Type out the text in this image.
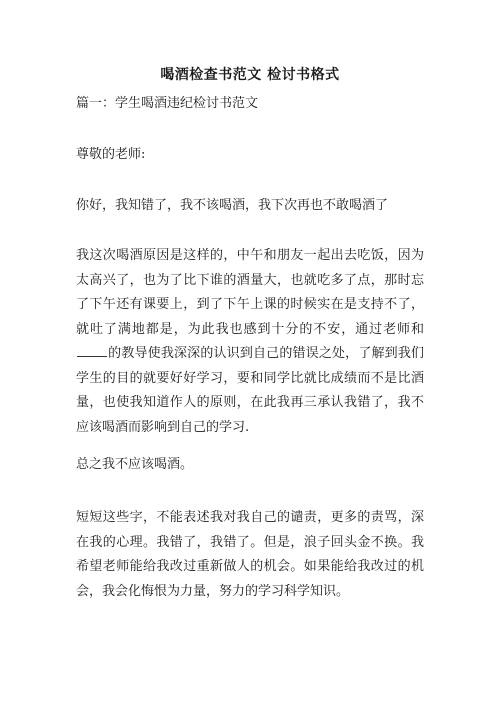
喝酒检查书范文 检讨书格式

篇一：学生喝酒违纪检讨书范文

尊敬的老师:

你好，我知错了，我不该喝酒，我下次再也不敢喝酒了

我这次喝酒原因是这样的，中午和朋友一起出去吃饭，因为太高兴了，也为了比下谁的酒量大，也就吃多了点，那时忘了下午还有课要上，到了下午上课的时候实在是支持不了，就吐了满地都是，为此我也感到十分的不安，通过老师和的教导使我深深的认识到自己的错误之处，了解到我们学生的目的就要好好学习，要和同学比就比成绩而不是比酒量，也使我知道作人的原则，在此我再三承认我错了，我不应该喝酒而影响到自己的学习.

总之我不应该喝酒。

短短这些字，不能表述我对我自己的谴责，更多的责骂，深在我的心理。我错了，我错了。但是，浪子回头金不换。我希望老师能给我改过重新做人的机会。如果能给我改过的机会，我会化悔恨为力量，努力的学习科学知识。
